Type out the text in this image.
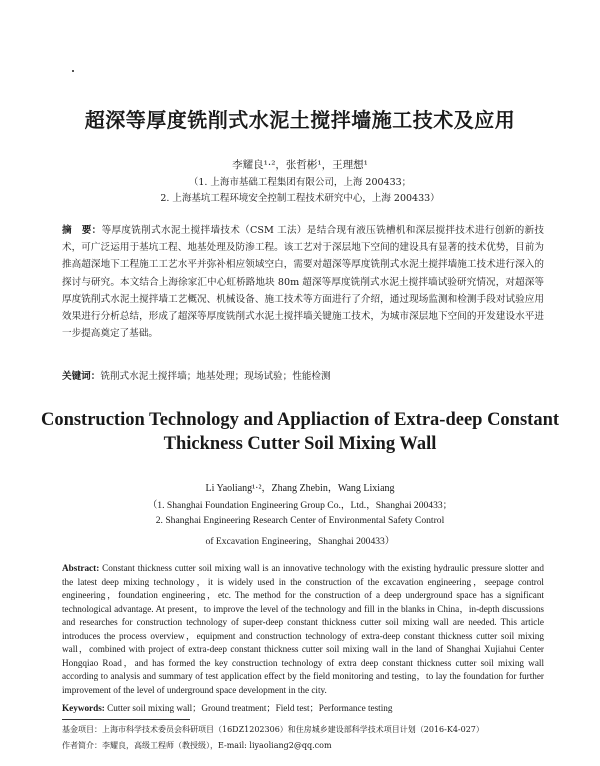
超深等厚度铣削式水泥土搅拌墙施工技术及应用
李耀良¹·²，张哲彬¹，王理想¹
（1. 上海市基础工程集团有限公司，上海 200433；
2. 上海基坑工程环境安全控制工程技术研究中心，上海 200433）
摘　要：等厚度铣削式水泥土搅拌墙技术（CSM 工法）是结合现有液压铣槽机和深层搅拌技术进行创新的新技术，可广泛运用于基坑工程、地基处理及防渗工程。该工艺对于深层地下空间的建设具有显著的技术优势，目前为推高超深地下工程施工工艺水平并弥补相应领域空白，需要对超深等厚度铣削式水泥土搅拌墙施工技术进行深入的探讨与研究。本文结合上海徐家汇中心虹桥路地块 80m 超深等厚度铣削式水泥土搅拌墙试验研究情况，对超深等厚度铣削式水泥土搅拌墙工艺概况、机械设备、施工技术等方面进行了介绍，通过现场监测和检测手段对试验应用效果进行分析总结，形成了超深等厚度铣削式水泥土搅拌墙关键施工技术，为城市深层地下空间的开发建设水平进一步提高奠定了基础。
关键词：铣削式水泥土搅拌墙；地基处理；现场试验；性能检测
Construction Technology and Appliaction of Extra-deep Constant
Thickness Cutter Soil Mixing Wall
Li Yaoliang¹·²，Zhang Zhebin，Wang Lixiang
（1. Shanghai Foundation Engineering Group Co.，Ltd.，Shanghai 200433；
2. Shanghai Engineering Research Center of Environmental Safety Control
of Excavation Engineering，Shanghai 200433）
Abstract: Constant thickness cutter soil mixing wall is an innovative technology with the existing hydraulic pressure slotter and the latest deep mixing technology，it is widely used in the construction of the excavation engineering，seepage control engineering，foundation engineering，etc. The method for the construction of a deep underground space has a significant technological advantage. At present，to improve the level of the technology and fill in the blanks in China，in-depth discussions and researches for construction technology of super-deep constant thickness cutter soil mixing wall are needed. This article introduces the process overview，equipment and construction technology of extra-deep constant thickness cutter soil mixing wall，combined with project of extra-deep constant thickness cutter soil mixing wall in the land of Shanghai Xujiahui Center Hongqiao Road，and has formed the key construction technology of extra deep constant thickness cutter soil mixing wall according to analysis and summary of test application effect by the field monitoring and testing，to lay the foundation for further improvement of the level of underground space development in the city.
Keywords: Cutter soil mixing wall；Ground treatment；Field test；Performance testing
基金项目：上海市科学技术委员会科研项目（16DZ1202306）和住房城乡建设部科学技术项目计划（2016-K4-027）
作者简介：李耀良，高级工程师（教授级），E-mail: liyaoliang2@qq.com
